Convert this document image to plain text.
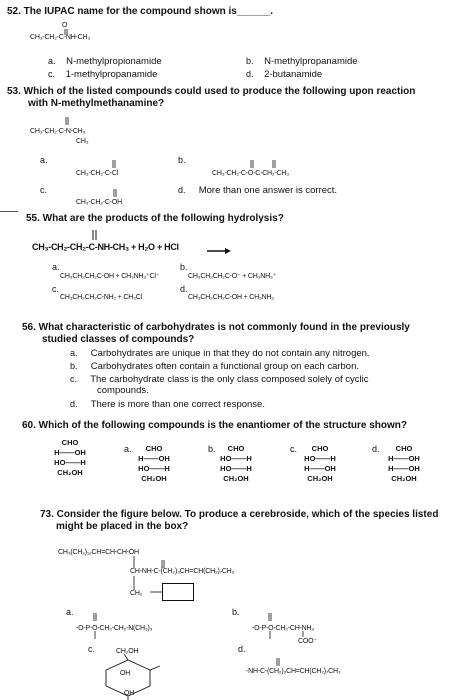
52. The IUPAC name for the compound shown is______.
CH₃-CH₂-C-NH-CH₃
O
a. N-methylpropionamide	b. N-methylpropanamide
c. 1-methylpropanamide	d. 2-butanamide
53. Which of the listed compounds could used to produce the following upon reaction
with N-methylmethanamine?
CH₃-CH₂-C-N-CH₃
CH₃
a.
CH₃-CH₂-C-Cl
b.
CH₃-CH₂-C-O-C-CH₂-CH₃
c.
CH₃-CH₂-C-OH
d. More than one answer is correct.
55. What are the products of the following hydrolysis?
CH₃-CH₂-CH₂-C-NH-CH₃ + H₂O + HCl
a.
CH₃CH₂CH₂C-OH + CH₃NH₃⁺Cl⁻
b.
CH₃CH₂CH₂C-O⁻ + CH₃NH₃⁺
c.
CH₃CH₂CH₂C-NH₂ + CH₃Cl
d.
CH₃CH₂CH₂C-OH + CH₃NH₂
56. What characteristic of carbohydrates is not commonly found in the previously
studied classes of compounds?
a. Carbohydrates are unique in that they do not contain any nitrogen.
b. Carbohydrates often contain a functional group on each carbon.
c. The carbohydrate class is the only class composed solely of cyclic
compounds.
d. There is more than one correct response.
60. Which of the following compounds is the enantiomer of the structure shown?
CHO
H——OH
HO——H
CH₂OH
a.	CHO
H——OH
HO——H
CH₂OH
b.	CHO
HO——H
HO——H
CH₂OH
c.	CHO
HO——H
H——OH
CH₂OH
d.	CHO
H——OH
H——OH
CH₂OH
73. Consider the figure below. To produce a cerebroside, which of the species listed
might be placed in the box?
CH₃(CH₂)₁₂CH=CH-CH-OH
CH-NH-C-(CH₂)₃CH=CH(CH₂)₇CH₃
CH₂
a.
-O-P-O-CH₂-CH₂-N(CH₃)₃
b.
-O-P-O-CH₂-CH-NH₃
COO⁻
c.	CH₂OH
OH
OH
d.
-NH-C-(CH₂)₃CH=CH(CH₂)₇CH₃
